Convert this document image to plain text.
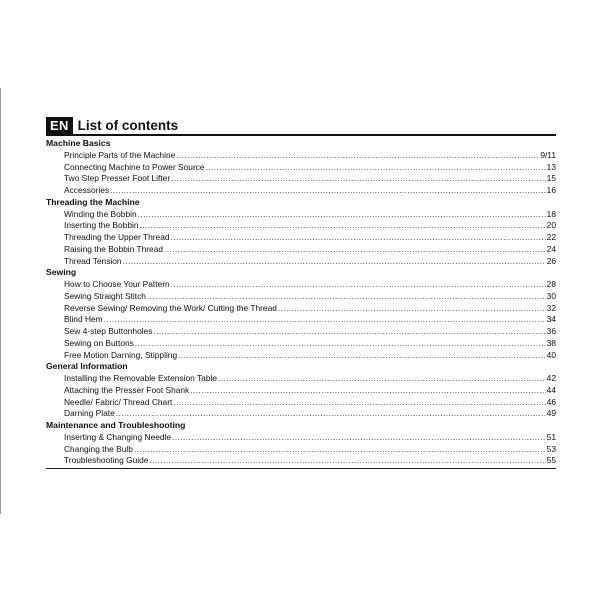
EN List of contents
Machine Basics
Principle Parts of the Machine .....	9/11
Connecting Machine to Power Source .....	13
Two Step Presser Foot Lifter .....	15
Accessories .....	16
Threading the Machine
Winding the Bobbin .....	18
Inserting the Bobbin .....	20
Threading the Upper Thread .....	22
Raising the Bobbin Thread .....	24
Thread Tension .....	26
Sewing
How to Choose Your Pattern .....	28
Sewing Straight Stitch .....	30
Reverse Sewing/ Removing the Work/ Cutting the Thread .....	32
Blind Hem .....	34
Sew 4-step Buttonholes .....	36
Sewing on Buttons .....	38
Free Motion Darning, Stippling .....	40
General Information
Installing the Removable Extension Table .....	42
Attaching the Presser Foot Shank .....	44
Needle/ Fabric/ Thread Chart .....	46
Darning Plate .....	49
Maintenance and Troubleshooting
Inserting & Changing Needle .....	51
Changing the Bulb .....	53
Troubleshooting Guide .....	55
